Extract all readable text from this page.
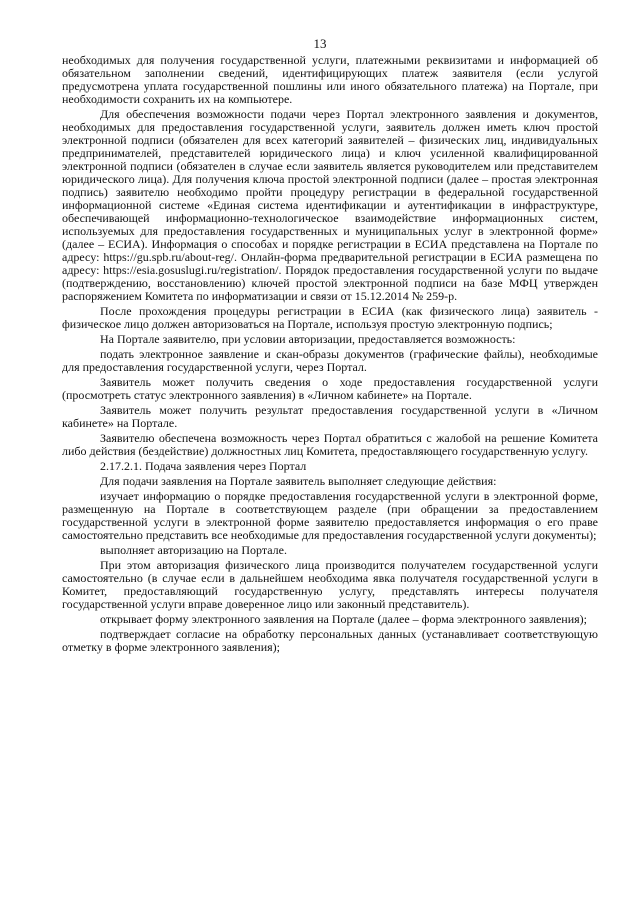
13

необходимых для получения государственной услуги, платежными реквизитами и информацией об обязательном заполнении сведений, идентифицирующих платеж заявителя (если услугой предусмотрена уплата государственной пошлины или иного обязательного платежа) на Портале, при необходимости сохранить их на компьютере.

Для обеспечения возможности подачи через Портал электронного заявления и документов, необходимых для предоставления государственной услуги, заявитель должен иметь ключ простой электронной подписи (обязателен для всех категорий заявителей – физических лиц, индивидуальных предпринимателей, представителей юридического лица) и ключ усиленной квалифицированной электронной подписи (обязателен в случае если заявитель является руководителем или представителем юридического лица). Для получения ключа простой электронной подписи (далее – простая электронная подпись) заявителю необходимо пройти процедуру регистрации в федеральной государственной информационной системе «Единая система идентификации и аутентификации в инфраструктуре, обеспечивающей информационно-технологическое взаимодействие информационных систем, используемых для предоставления государственных и муниципальных услуг в электронной форме» (далее – ЕСИА). Информация о способах и порядке регистрации в ЕСИА представлена на Портале по адресу: https://gu.spb.ru/about-reg/. Онлайн-форма предварительной регистрации в ЕСИА размещена по адресу: https://esia.gosuslugi.ru/registration/. Порядок предоставления государственной услуги по выдаче (подтверждению, восстановлению) ключей простой электронной подписи на базе МФЦ утвержден распоряжением Комитета по информатизации и связи от 15.12.2014 № 259-р.

После прохождения процедуры регистрации в ЕСИА (как физического лица) заявитель - физическое лицо должен авторизоваться на Портале, используя простую электронную подпись;

На Портале заявителю, при условии авторизации, предоставляется возможность:

подать электронное заявление и скан-образы документов (графические файлы), необходимые для предоставления государственной услуги, через Портал.

Заявитель может получить сведения о ходе предоставления государственной услуги (просмотреть статус электронного заявления) в «Личном кабинете» на Портале.

Заявитель может получить результат предоставления государственной услуги в «Личном кабинете» на Портале.

Заявителю обеспечена возможность через Портал обратиться с жалобой на решение Комитета либо действия (бездействие) должностных лиц Комитета, предоставляющего государственную услугу.

2.17.2.1. Подача заявления через Портал

Для подачи заявления на Портале заявитель выполняет следующие действия:

изучает информацию о порядке предоставления государственной услуги в электронной форме, размещенную на Портале в соответствующем разделе (при обращении за предоставлением государственной услуги в электронной форме заявителю предоставляется информация о его праве самостоятельно представить все необходимые для предоставления государственной услуги документы);

выполняет авторизацию на Портале.

При этом авторизация физического лица производится получателем государственной услуги самостоятельно (в случае если в дальнейшем необходима явка получателя государственной услуги в Комитет, предоставляющий государственную услугу, представлять интересы получателя государственной услуги вправе доверенное лицо или законный представитель).

открывает форму электронного заявления на Портале (далее – форма электронного заявления);

подтверждает согласие на обработку персональных данных (устанавливает соответствующую отметку в форме электронного заявления);
